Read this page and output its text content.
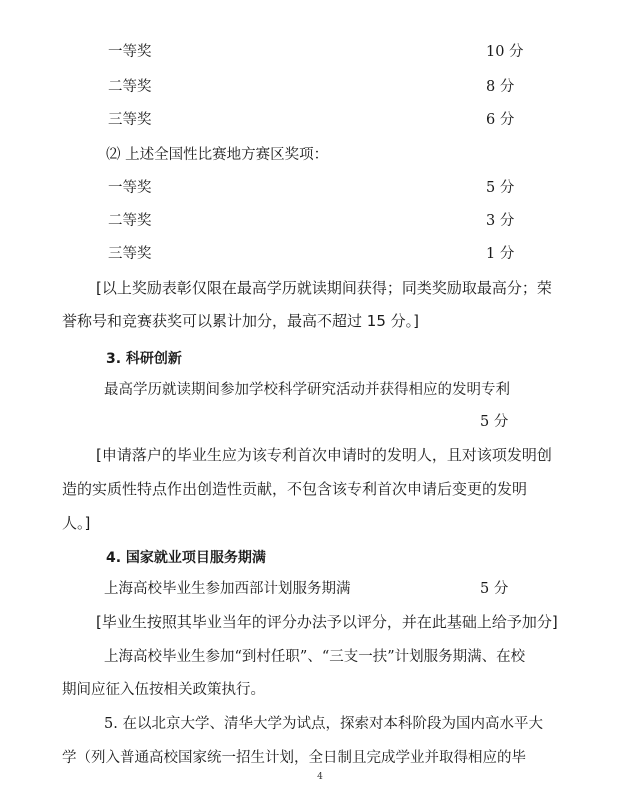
一等奖	10 分
二等奖	8 分
三等奖	6 分
⑵ 上述全国性比赛地方赛区奖项：
一等奖	5 分
二等奖	3 分
三等奖	1 分
[以上奖励表彰仅限在最高学历就读期间获得；同类奖励取最高分；荣
誉称号和竞赛获奖可以累计加分，最高不超过 15 分。]
3. 科研创新
最高学历就读期间参加学校科学研究活动并获得相应的发明专利
5 分
[申请落户的毕业生应为该专利首次申请时的发明人，且对该项发明创
造的实质性特点作出创造性贡献，不包含该专利首次申请后变更的发明
人。]
4. 国家就业项目服务期满
上海高校毕业生参加西部计划服务期满	5 分
[毕业生按照其毕业当年的评分办法予以评分，并在此基础上给予加分]
上海高校毕业生参加“到村任职”、“三支一扶”计划服务期满、在校
期间应征入伍按相关政策执行。
5. 在以北京大学、清华大学为试点，探索对本科阶段为国内高水平大
学（列入普通高校国家统一招生计划，全日制且完成学业并取得相应的毕
4
